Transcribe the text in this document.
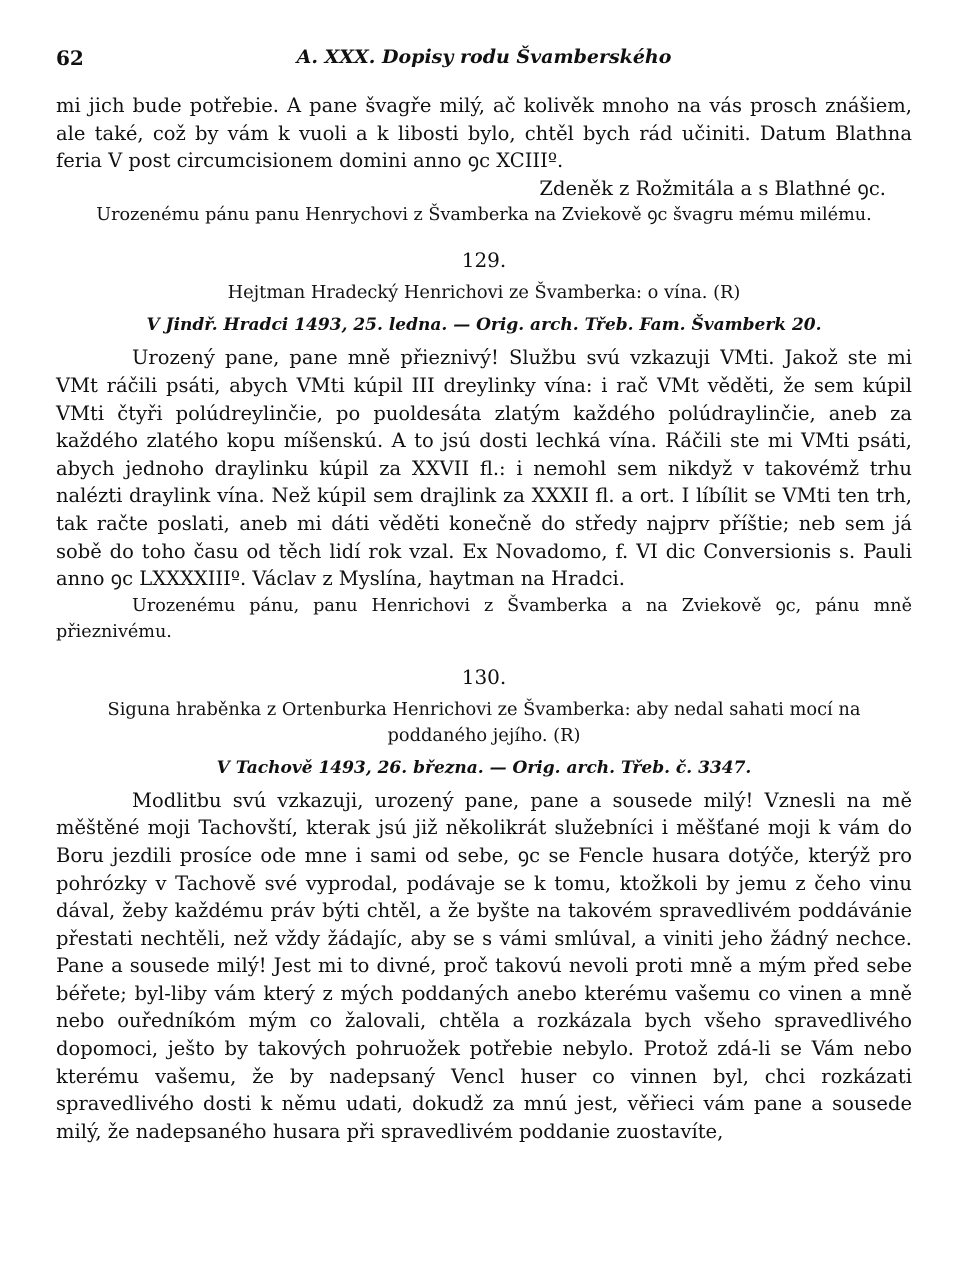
62	A. XXX. Dopisy rodu Švamberského

mi jich bude potřebie. A pane švagře milý, ač kolivěk mnoho na vás prosch znášiem, ale také, což by vám k vuoli a k libosti bylo, chtěl bych rád učiniti. Datum Blathna feria V post circumcisionem domini anno ꝯc XCIIIº.

Zdeněk z Rožmitála a s Blathné ꝯc.

Urozenému pánu panu Henrychovi z Švamberka na Zviekově ꝯc švagru mému milému.

129.

Hejtman Hradecký Henrichovi ze Švamberka: o vína. (R)

V Jindř. Hradci 1493, 25. ledna. — Orig. arch. Třeb. Fam. Švamberk 20.

Urozený pane, pane mně přieznivý! Službu svú vzkazuji VMti. Jakož ste mi VMt ráčili psáti, abych VMti kúpil III dreylinky vína: i rač VMt věděti, že sem kúpil VMti čtyři polúdreylinčie, po puoldesáta zlatým každého polúdraylinčie, aneb za každého zlatého kopu míšenskú. A to jsú dosti lechká vína. Ráčili ste mi VMti psáti, abych jednoho draylinku kúpil za XXVII fl.: i nemohl sem nikdyž v takovémž trhu nalézti draylink vína. Než kúpil sem drajlink za XXXII fl. a ort. I líbílit se VMti ten trh, tak račte poslati, aneb mi dáti věděti konečně do středy najprv příštie; neb sem já sobě do toho času od těch lidí rok vzal. Ex Novadomo, f. VI dic Conversionis s. Pauli anno ꝯc LXXXXIIIº. Václav z Myslína, haytman na Hradci.

Urozenému pánu, panu Henrichovi z Švamberka a na Zviekově ꝯc, pánu mně přieznivému.

130.

Siguna hraběnka z Ortenburka Henrichovi ze Švamberka: aby nedal sahati mocí na poddaného jejího. (R)

V Tachově 1493, 26. března. — Orig. arch. Třeb. č. 3347.

Modlitbu svú vzkazuji, urozený pane, pane a sousede milý! Vznesli na mě měštěné moji Tachovští, kterak jsú již několikrát služebníci i měšťané moji k vám do Boru jezdili prosíce ode mne i sami od sebe, ꝯc se Fencle husara dotýče, kterýž pro pohrózky v Tachově své vyprodal, podávaje se k tomu, ktožkoli by jemu z čeho vinu dával, žeby každému práv býti chtěl, a že byšte na takovém spravedlivém poddávánie přestati nechtěli, než vždy žádajíc, aby se s vámi smlúval, a viniti jeho žádný nechce. Pane a sousede milý! Jest mi to divné, proč takovú nevoli proti mně a mým před sebe béřete; byl-liby vám který z mých poddaných anebo kterému vašemu co vinen a mně nebo ouředníkóm mým co žalovali, chtěla a rozkázala bych všeho spravedlivého dopomoci, ješto by takových pohruožek potřebie nebylo. Protož zdá-li se Vám nebo kterému vašemu, že by nadepsaný Vencl huser co vinnen byl, chci rozkázati spravedlivého dosti k němu udati, dokudž za mnú jest, věřieci vám pane a sousede milý, že nadepsaného husara při spravedlivém poddanie zuostavíte,
